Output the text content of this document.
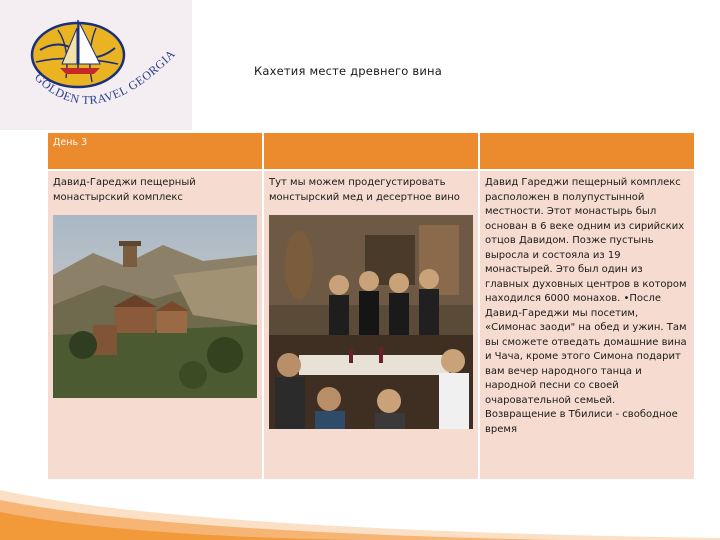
GOLDEN TRAVEL GEORGIA
Кахетия месте древнего вина
День 3		

Давид-Гареджи пещерный монастырский комплекс	Тут мы можем продегустировать монстырский мед и десертное вино	Давид Гареджи пещерный комплекс расположен в полупустынной местности. Этот монастырь был основан в 6 веке одним из сирийских отцов Давидом. Позже пустынь выросла и состояла из 19 монастырей. Это был один из главных духовных центров в котором находился 6000 монахов. •После Давид-Гареджи мы посетим, «Симонас заоди" на обед и ужин. Там вы сможете отведать домашние вина и Чача, кроме этого Симона подарит вам вечер народного танца и народной песни со своей очаровательной семьей. Возвращение в Тбилиси - свободное время
